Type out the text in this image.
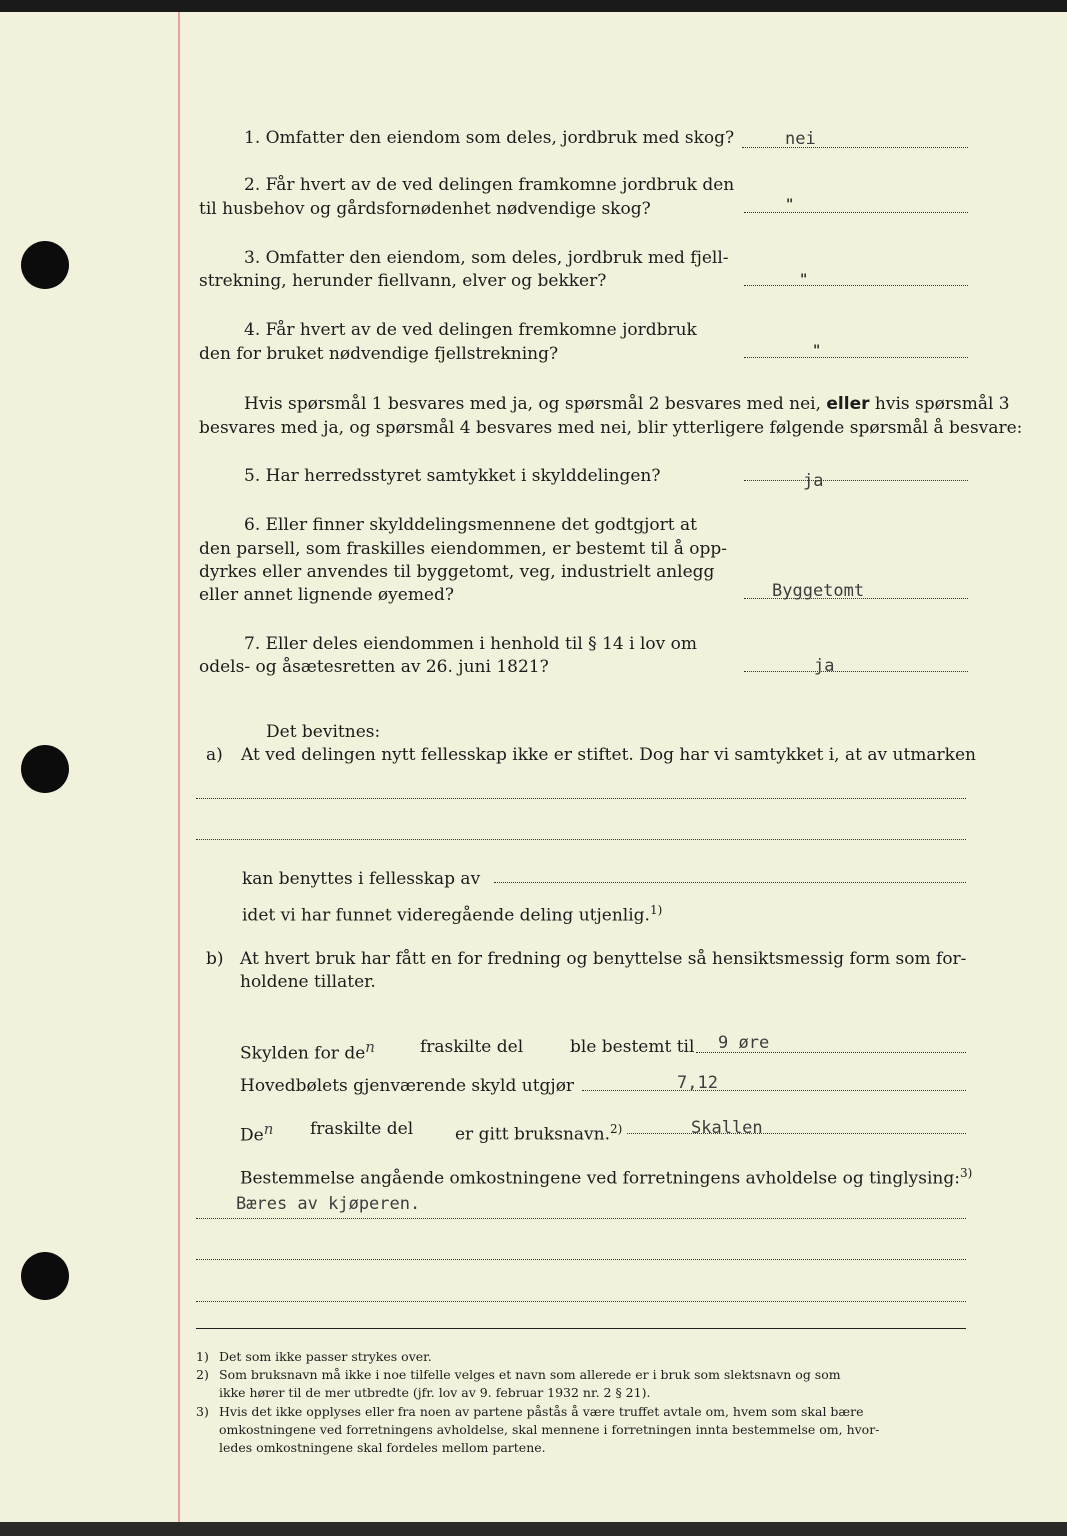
1. Omfatter den eiendom som deles, jordbruk med skog?	nei
2. Får hvert av de ved delingen framkomne jordbruk den
til husbehov og gårdsfornødenhet nødvendige skog?	"
3. Omfatter den eiendom, som deles, jordbruk med fjell-
strekning, herunder fiellvann, elver og bekker?	"
4. Får hvert av de ved delingen fremkomne jordbruk
den for bruket nødvendige fjellstrekning?	"
Hvis spørsmål 1 besvares med ja, og spørsmål 2 besvares med nei, eller hvis spørsmål 3
besvares med ja, og spørsmål 4 besvares med nei, blir ytterligere følgende spørsmål å besvare:
5. Har herredsstyret samtykket i skylddelingen?	ja
6. Eller finner skylddelingsmennene det godtgjort at
den parsell, som fraskilles eiendommen, er bestemt til å opp-
dyrkes eller anvendes til byggetomt, veg, industrielt anlegg
eller annet lignende øyemed?	Byggetomt
7. Eller deles eiendommen i henhold til § 14 i lov om
odels- og åsætesretten av 26. juni 1821?	ja
Det bevitnes:
a) At ved delingen nytt fellesskap ikke er stiftet. Dog har vi samtykket i, at av utmarken
kan benyttes i fellesskap av
idet vi har funnet videregående deling utjenlig.$^{1)}$
b) At hvert bruk har fått en for fredning og benyttelse så hensiktsmessig form som for-
holdene tillater.
Skylden for den	fraskilte del	ble bestemt til 9 øre
Hovedbølets gjenværende skyld utgjør	7,12
Den fraskilte del er gitt bruksnavn.$^{2)}$	Skallen
Bestemmelse angående omkostningene ved forretningens avholdelse og tinglysing:$^{3)}$
Bæres av kjøperen.
1) Det som ikke passer strykes over.
2) Som bruksnavn må ikke i noe tilfelle velges et navn som allerede er i bruk som slektsnavn og som
ikke hører til de mer utbredte (jfr. lov av 9. februar 1932 nr. 2 § 21).
3) Hvis det ikke opplyses eller fra noen av partene påstås å være truffet avtale om, hvem som skal bære
omkostningene ved forretningens avholdelse, skal mennene i forretningen innta bestemmelse om, hvor-
ledes omkostningene skal fordeles mellom partene.
